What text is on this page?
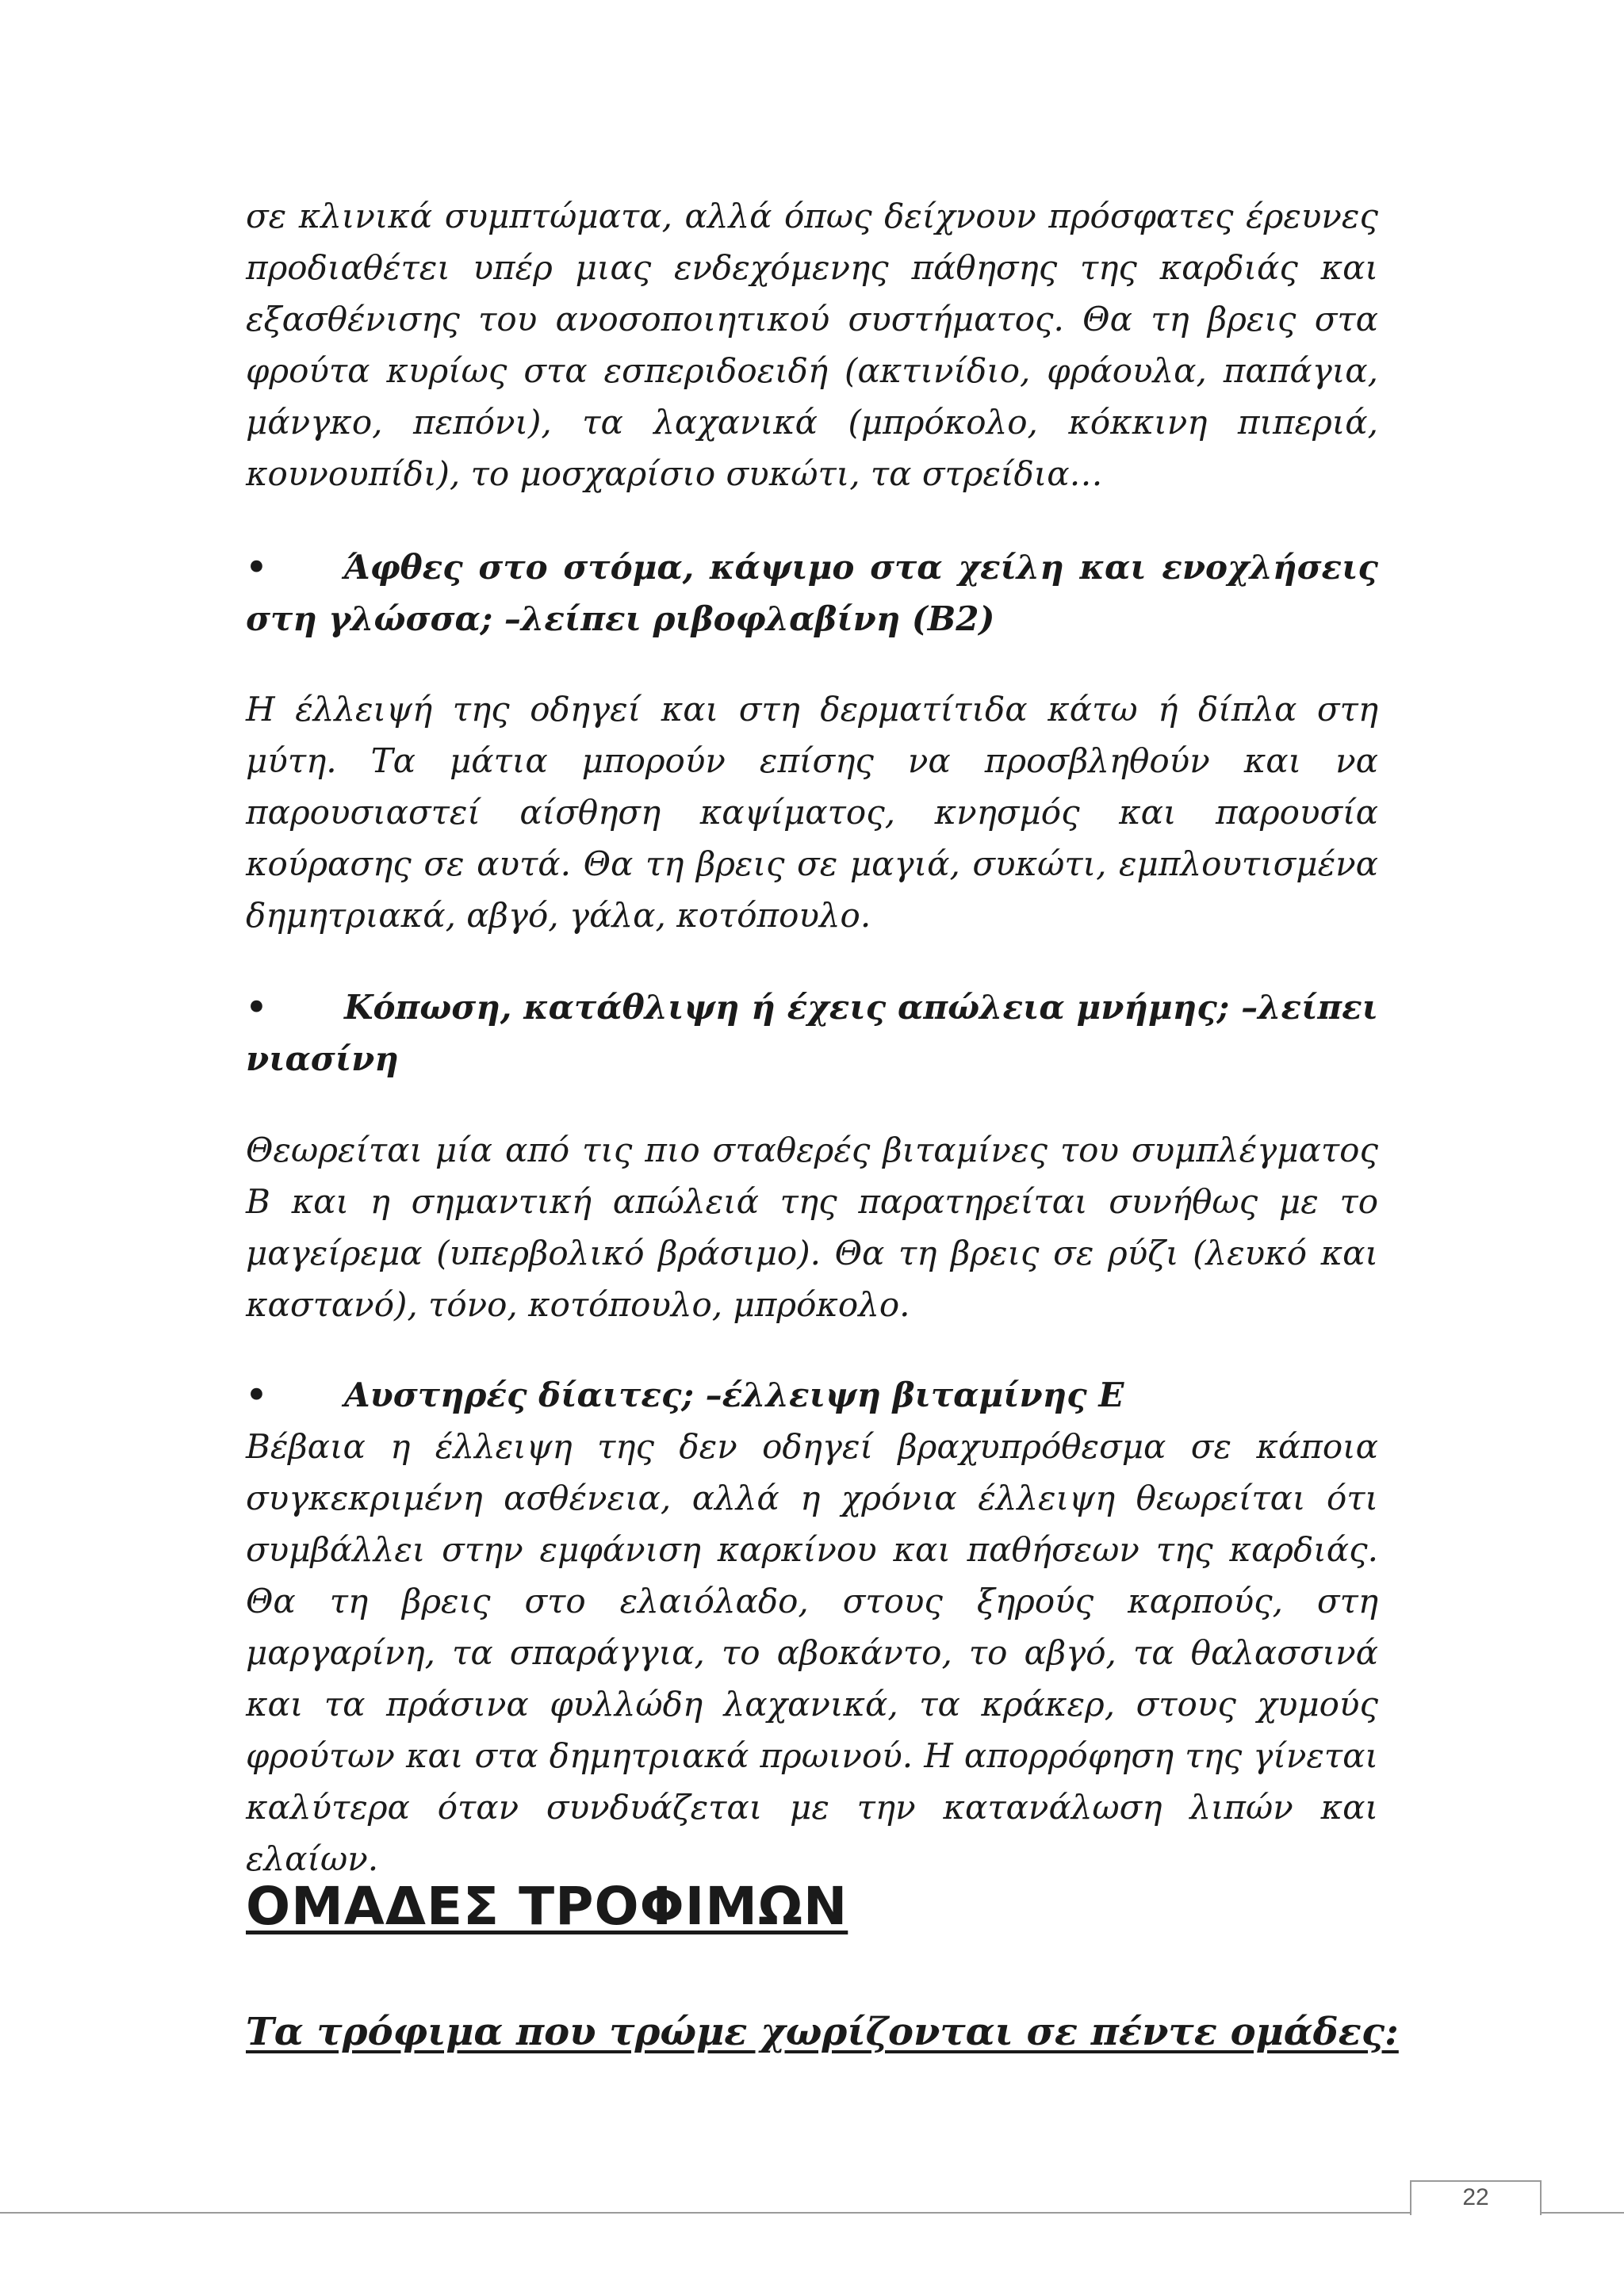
σε κλινικά συμπτώματα, αλλά όπως δείχνουν πρόσφατες έρευνες προδιαθέτει υπέρ μιας ενδεχόμενης πάθησης της καρδιάς και εξασθένισης του ανοσοποιητικού συστήματος. Θα τη βρεις στα φρούτα κυρίως στα εσπεριδοειδή (ακτινίδιο, φράουλα, παπάγια, μάνγκο, πεπόνι), τα λαχανικά (μπρόκολο, κόκκινη πιπεριά, κουνουπίδι), το μοσχαρίσιο συκώτι, τα στρείδια…

• Άφθες στο στόμα, κάψιμο στα χείλη και ενοχλήσεις στη γλώσσα; –λείπει ριβοφλαβίνη (B2)

Η έλλειψή της οδηγεί και στη δερματίτιδα κάτω ή δίπλα στη μύτη. Τα μάτια μπορούν επίσης να προσβληθούν και να παρουσιαστεί αίσθηση καψίματος, κνησμός και παρουσία κούρασης σε αυτά. Θα τη βρεις σε μαγιά, συκώτι, εμπλουτισμένα δημητριακά, αβγό, γάλα, κοτόπουλο.

• Κόπωση, κατάθλιψη ή έχεις απώλεια μνήμης; –λείπει νιασίνη

Θεωρείται μία από τις πιο σταθερές βιταμίνες του συμπλέγματος Β και η σημαντική απώλειά της παρατηρείται συνήθως με το μαγείρεμα (υπερβολικό βράσιμο). Θα τη βρεις σε ρύζι (λευκό και καστανό), τόνο, κοτόπουλο, μπρόκολο.

• Αυστηρές δίαιτες; –έλλειψη βιταμίνης Ε

Βέβαια η έλλειψη της δεν οδηγεί βραχυπρόθεσμα σε κάποια συγκεκριμένη ασθένεια, αλλά η χρόνια έλλειψη θεωρείται ότι συμβάλλει στην εμφάνιση καρκίνου και παθήσεων της καρδιάς. Θα τη βρεις στο ελαιόλαδο, στους ξηρούς καρπούς, στη μαργαρίνη, τα σπαράγγια, το αβοκάντο, το αβγό, τα θαλασσινά και τα πράσινα φυλλώδη λαχανικά, τα κράκερ, στους χυμούς φρούτων και στα δημητριακά πρωινού. Η απορρόφηση της γίνεται καλύτερα όταν συνδυάζεται με την κατανάλωση λιπών και ελαίων.

ΟΜΑΔΕΣ ΤΡΟΦΙΜΩΝ
Τα τρόφιμα που τρώμε χωρίζονται σε πέντε ομάδες:
22
